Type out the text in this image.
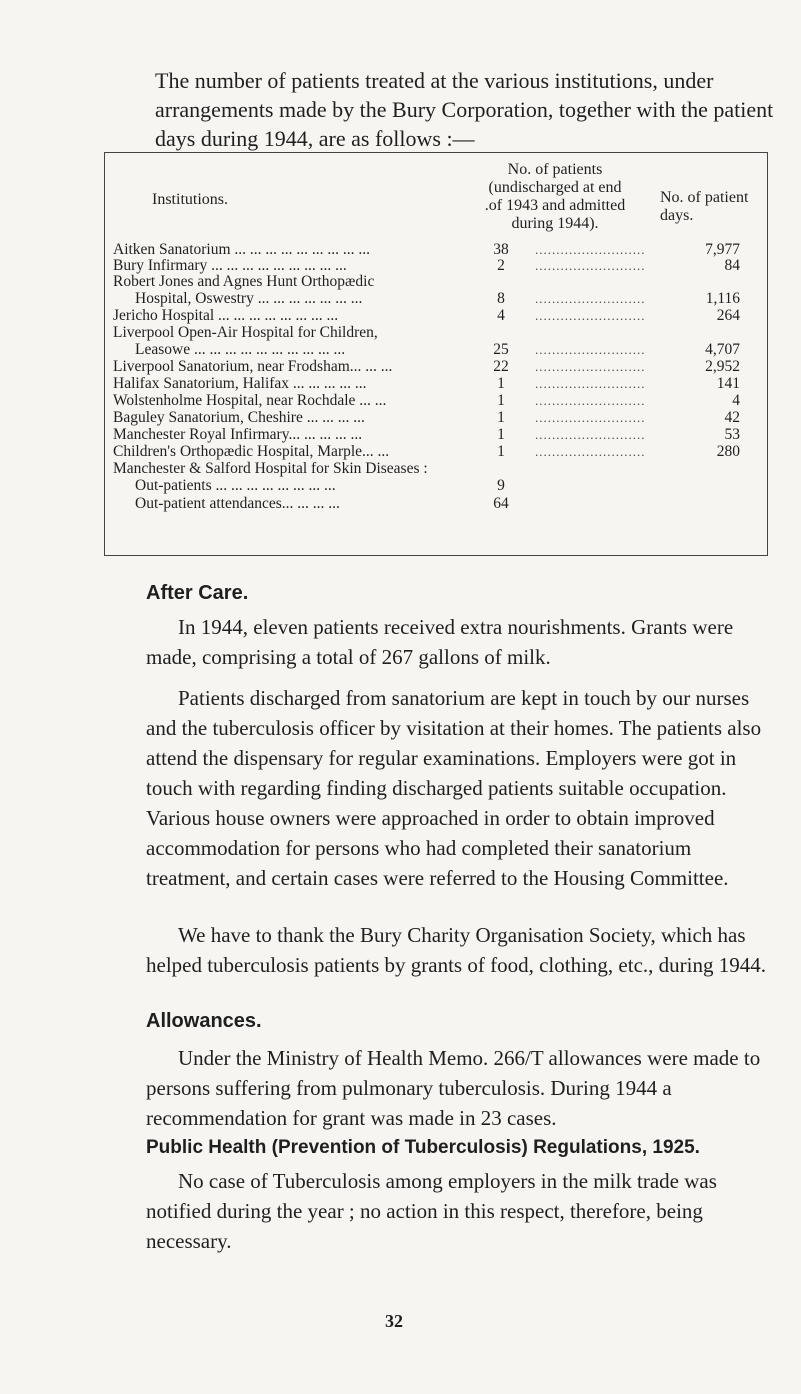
The number of patients treated at the various institutions, under arrangements made by the Bury Corporation, together with the patient days during 1944, are as follows :—

Institutions.
No. of patients
(undischarged at end
.of 1943 and admitted
during 1944).
No. of patient
days.
Aitken Sanatorium ... ... ... ... ... ... ... ... ...	38	7,977
..........................
Bury Infirmary ... ... ... ... ... ... ... ... ...	2	84
..........................
Robert Jones and Agnes Hunt Orthopædic
Hospital, Oswestry ... ... ... ... ... ... ...	8	1,116
..........................
Jericho Hospital ... ... ... ... ... ... ... ...	4	264
..........................
Liverpool Open-Air Hospital for Children,
Leasowe ... ... ... ... ... ... ... ... ... ...	25	4,707
..........................
Liverpool Sanatorium, near Frodsham... ... ...	22	2,952
..........................
Halifax Sanatorium, Halifax ... ... ... ... ...	1	141
..........................
Wolstenholme Hospital, near Rochdale ... ...	1	4
..........................
Baguley Sanatorium, Cheshire ... ... ... ...	1	42
..........................
Manchester Royal Infirmary... ... ... ... ...	1	53
..........................
Children's Orthopædic Hospital, Marple... ...	1	280
..........................
Manchester & Salford Hospital for Skin Diseases :
Out-patients ... ... ... ... ... ... ... ...	9
Out-patient attendances... ... ... ...	64
After Care.

In 1944, eleven patients received extra nourishments. Grants were made, comprising a total of 267 gallons of milk.

Patients discharged from sanatorium are kept in touch by our nurses and the tuberculosis officer by visitation at their homes. The patients also attend the dispensary for regular examinations. Employers were got in touch with regarding finding discharged patients suitable occupation. Various house owners were approached in order to obtain improved accommodation for persons who had completed their sanatorium treatment, and certain cases were referred to the Housing Committee.

We have to thank the Bury Charity Organisation Society, which has helped tuberculosis patients by grants of food, clothing, etc., during 1944.

Allowances.

Under the Ministry of Health Memo. 266/T allowances were made to persons suffering from pulmonary tuberculosis. During 1944 a recommendation for grant was made in 23 cases.

Public Health (Prevention of Tuberculosis) Regulations, 1925.

No case of Tuberculosis among employers in the milk trade was notified during the year ; no action in this respect, therefore, being necessary.

32
